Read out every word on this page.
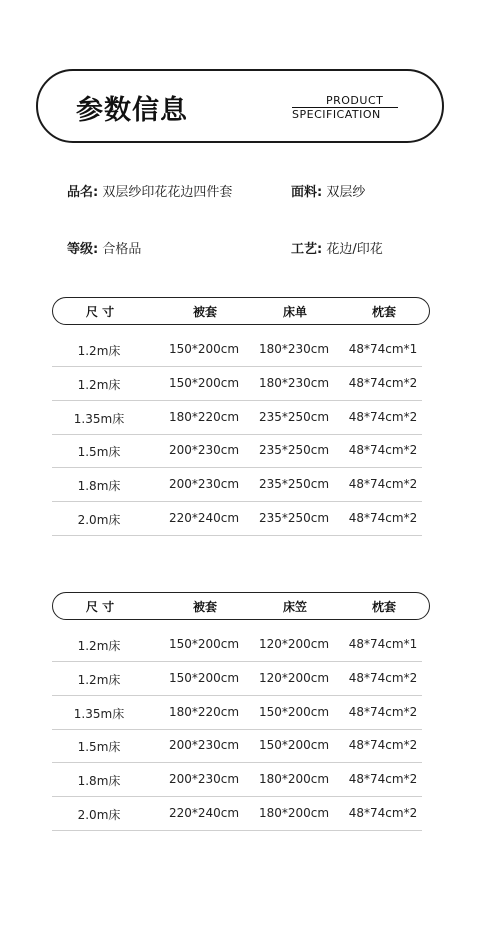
参数信息	PRODUCT
SPECIFICATION
品名: 双层纱印花花边四件套	面料: 双层纱
等级: 合格品	工艺: 花边/印花
尺 寸	被套	床单	枕套
1.2m床	150*200cm	180*230cm	48*74cm*1
1.2m床	150*200cm	180*230cm	48*74cm*2
1.35m床	180*220cm	235*250cm	48*74cm*2
1.5m床	200*230cm	235*250cm	48*74cm*2
1.8m床	200*230cm	235*250cm	48*74cm*2
2.0m床	220*240cm	235*250cm	48*74cm*2
尺 寸	被套	床笠	枕套
1.2m床	150*200cm	120*200cm	48*74cm*1
1.2m床	150*200cm	120*200cm	48*74cm*2
1.35m床	180*220cm	150*200cm	48*74cm*2
1.5m床	200*230cm	150*200cm	48*74cm*2
1.8m床	200*230cm	180*200cm	48*74cm*2
2.0m床	220*240cm	180*200cm	48*74cm*2
